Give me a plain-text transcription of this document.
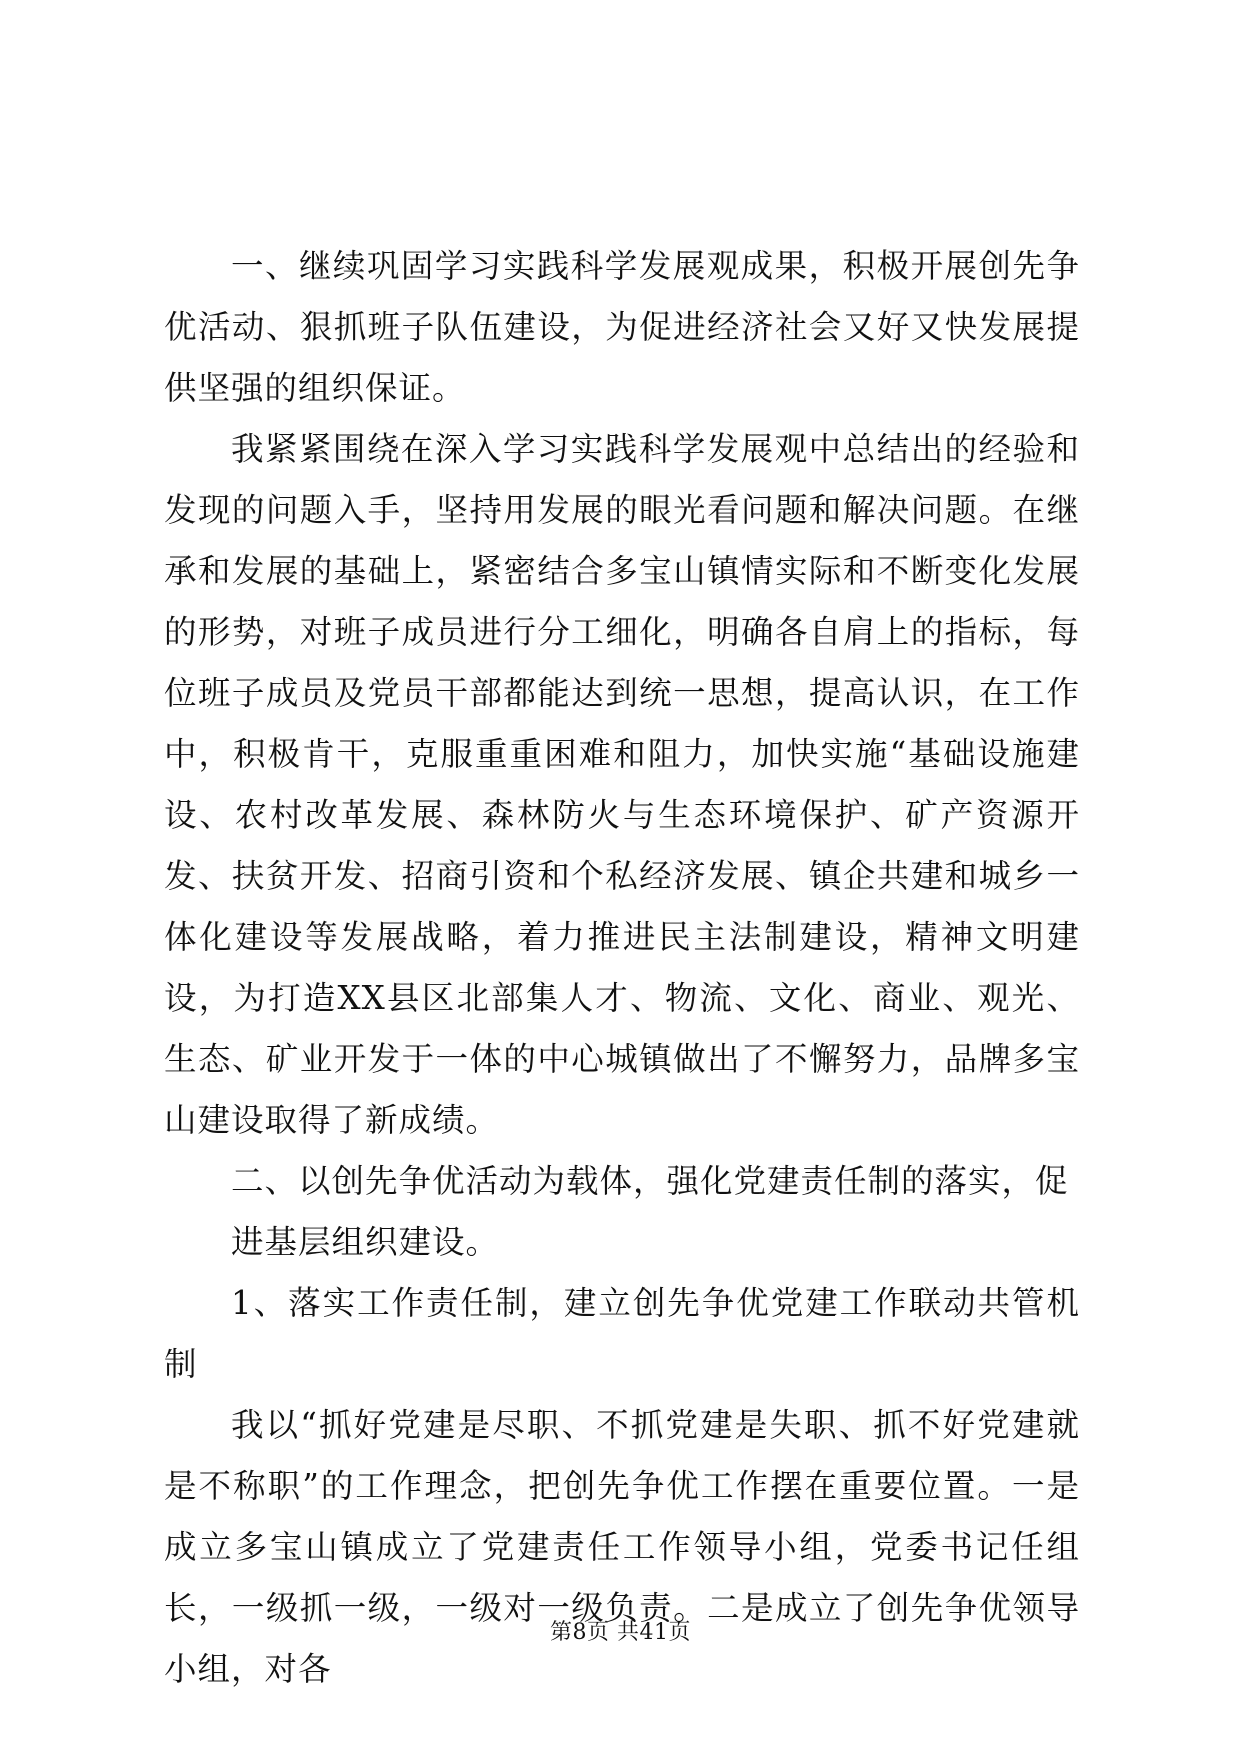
一、继续巩固学习实践科学发展观成果，积极开展创先争优活动、狠抓班子队伍建设，为促进经济社会又好又快发展提供坚强的组织保证。

我紧紧围绕在深入学习实践科学发展观中总结出的经验和发现的问题入手，坚持用发展的眼光看问题和解决问题。在继承和发展的基础上，紧密结合多宝山镇情实际和不断变化发展的形势，对班子成员进行分工细化，明确各自肩上的指标，每位班子成员及党员干部都能达到统一思想，提高认识，在工作中，积极肯干，克服重重困难和阻力，加快实施“基础设施建设、农村改革发展、森林防火与生态环境保护、矿产资源开发、扶贫开发、招商引资和个私经济发展、镇企共建和城乡一体化建设等发展战略，着力推进民主法制建设，精神文明建设，为打造XX县区北部集人才、物流、文化、商业、观光、生态、矿业开发于一体的中心城镇做出了不懈努力，品牌多宝山建设取得了新成绩。

二、以创先争优活动为载体，强化党建责任制的落实，促

进基层组织建设。

1、落实工作责任制，建立创先争优党建工作联动共管机制

我以“抓好党建是尽职、不抓党建是失职、抓不好党建就是不称职”的工作理念，把创先争优工作摆在重要位置。一是成立多宝山镇成立了党建责任工作领导小组，党委书记任组长，一级抓一级，一级对一级负责。二是成立了创先争优领导小组，对各

第8页 共41页
